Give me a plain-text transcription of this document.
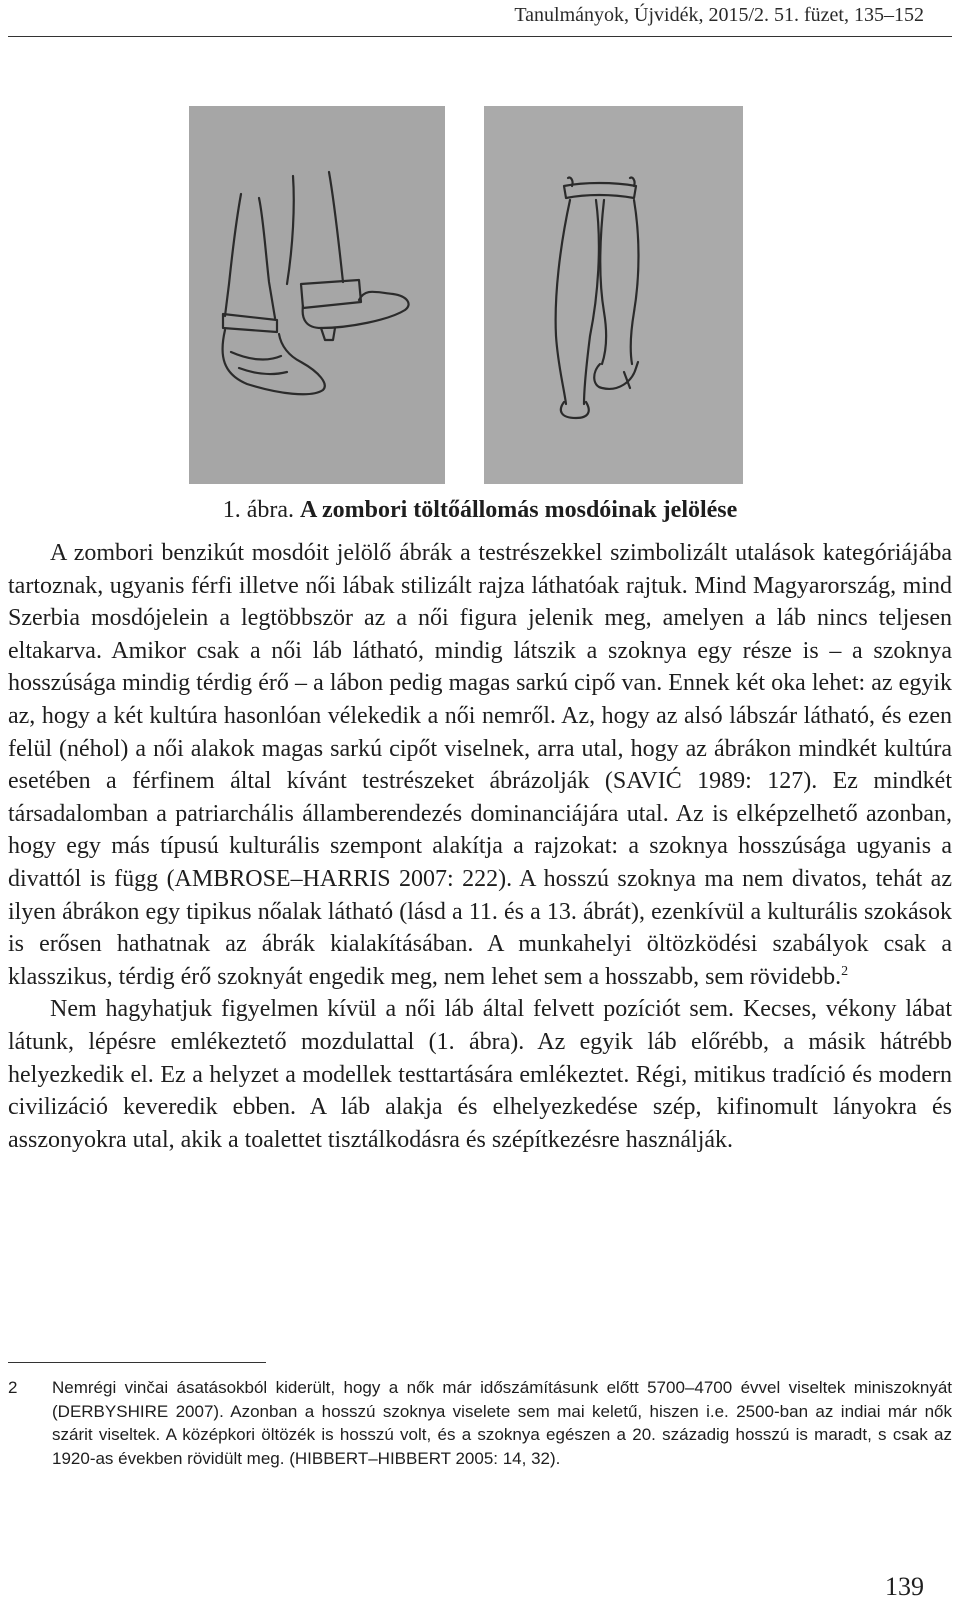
Tanulmányok, Újvidék, 2015/2. 51. füzet, 135–152
1. ábra. A zombori töltőállomás mosdóinak jelölése

A zombori benzikút mosdóit jelölő ábrák a testrészekkel szimbolizált utalások kategóriájába tartoznak, ugyanis férfi illetve női lábak stilizált rajza láthatóak rajtuk. Mind Magyarország, mind Szerbia mosdójelein a legtöbbször az a női figura jelenik meg, amelyen a láb nincs teljesen eltakarva. Amikor csak a női láb látható, mindig látszik a szoknya egy része is – a szoknya hosszúsága mindig térdig érő – a lábon pedig magas sarkú cipő van. Ennek két oka lehet: az egyik az, hogy a két kultúra hasonlóan vélekedik a női nemről. Az, hogy az alsó lábszár látható, és ezen felül (néhol) a női alakok magas sarkú cipőt viselnek, arra utal, hogy az ábrákon mindkét kultúra esetében a férfinem által kívánt testrészeket ábrázolják (SAVIĆ 1989: 127). Ez mindkét társadalomban a patriarchális államberendezés dominanciájára utal. Az is elképzelhető azonban, hogy egy más típusú kulturális szempont alakítja a rajzokat: a szoknya hosszúsága ugyanis a divattól is függ (AMBROSE–HARRIS 2007: 222). A hosszú szoknya ma nem divatos, tehát az ilyen ábrákon egy tipikus nőalak látható (lásd a 11. és a 13. ábrát), ezenkívül a kulturális szokások is erősen hathatnak az ábrák kialakításában. A munkahelyi öltözködési szabályok csak a klasszikus, térdig érő szoknyát engedik meg, nem lehet sem a hosszabb, sem rövidebb.$^2$

Nem hagyhatjuk figyelmen kívül a női láb által felvett pozíciót sem. Kecses, vékony lábat látunk, lépésre emlékeztető mozdulattal (1. ábra). Az egyik láb előrébb, a másik hátrébb helyezkedik el. Ez a helyzet a modellek testtartására emlékeztet. Régi, mitikus tradíció és modern civilizáció keveredik ebben. A láb alakja és elhelyezkedése szép, kifinomult lányokra és asszonyokra utal, akik a toalettet tisztálkodásra és szépítkezésre használják.

2	Nemrégi vinčai ásatásokból kiderült, hogy a nők már időszámításunk előtt 5700–4700 évvel viseltek miniszoknyát (DERBYSHIRE 2007). Azonban a hosszú szoknya viselete sem mai keletű, hiszen i.e. 2500-ban az indiai már nők szárit viseltek. A középkori öltözék is hosszú volt, és a szoknya egészen a 20. századig hosszú is maradt, s csak az 1920-as években rövidült meg. (HIBBERT–HIBBERT 2005: 14, 32).
139
